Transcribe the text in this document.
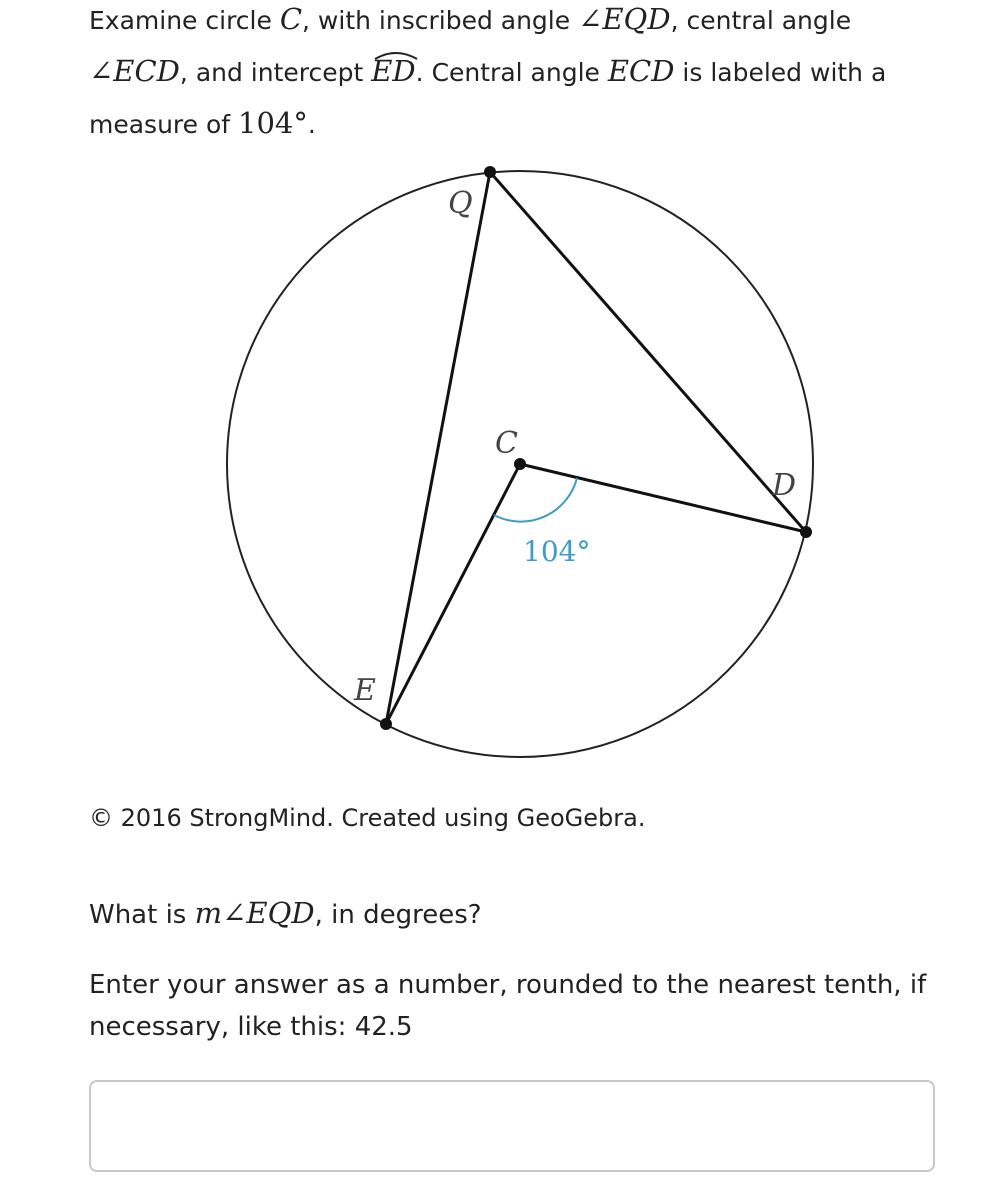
Examine circle C, with inscribed angle ∠EQD, central angle
∠ECD, and intercept
ED. Central angle ECD is labeled with a measure of 104°.

Q
C
D
E
104°

© 2016 StrongMind. Created using GeoGebra.

What is m∠EQD, in degrees?

Enter your answer as a number, rounded to the nearest tenth, if necessary, like this: 42.5
